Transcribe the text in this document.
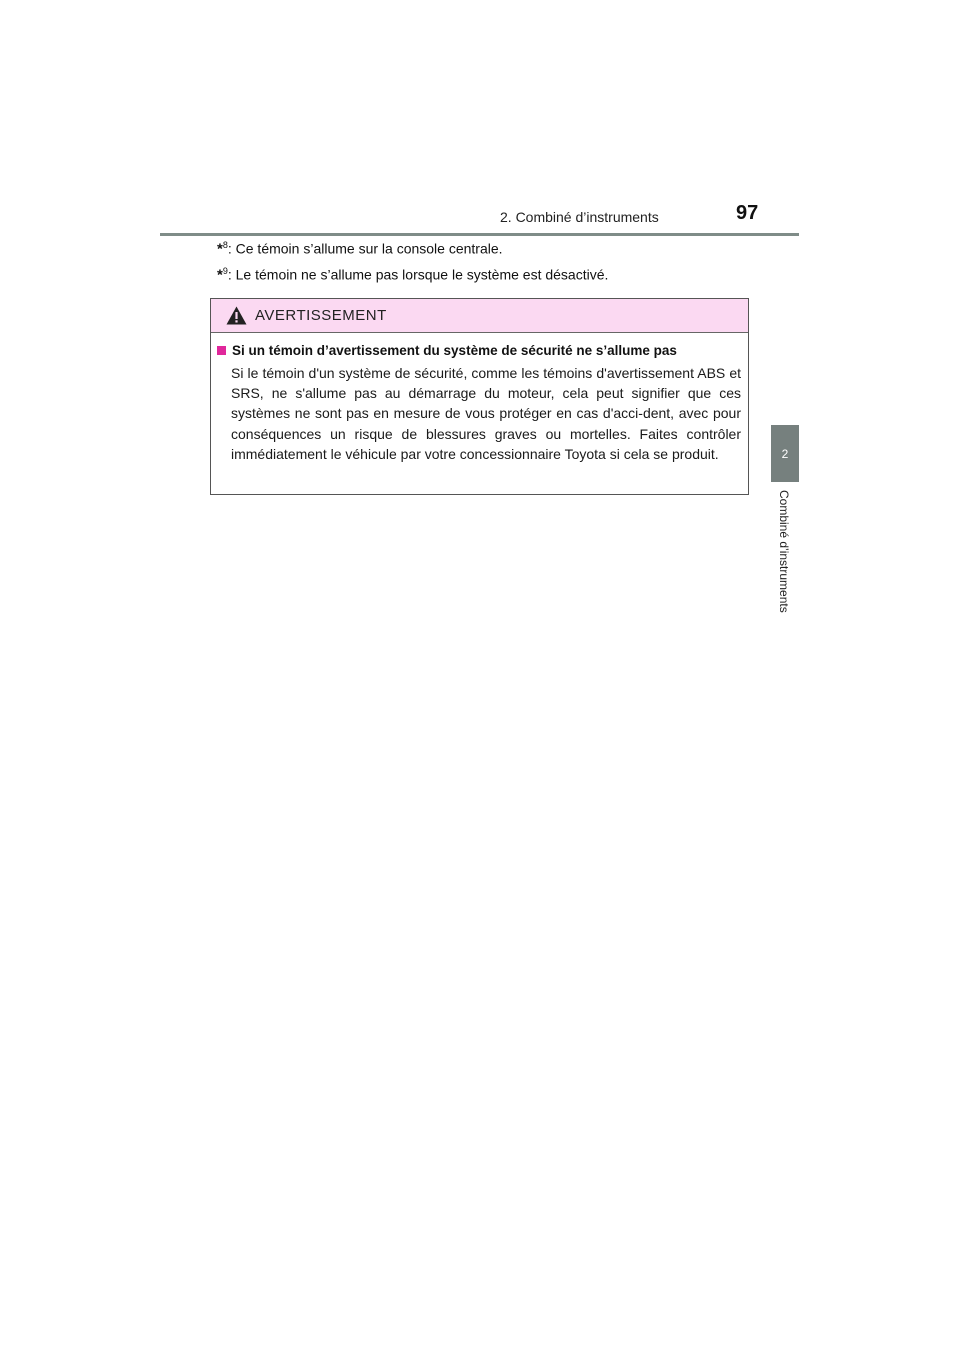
2. Combiné d’instruments	97
2
Combiné d’instruments
*$^8$: Ce témoin s’allume sur la console centrale.
*$^9$: Le témoin ne s’allume pas lorsque le système est désactivé.
AVERTISSEMENT
Si un témoin d’avertissement du système de sécurité ne s’allume pas
Si le témoin d'un système de sécurité, comme les témoins d'avertissement ABS et SRS, ne s'allume pas au démarrage du moteur, cela peut signifier que ces systèmes ne sont pas en mesure de vous protéger en cas d'acci-dent, avec pour conséquences un risque de blessures graves ou mortelles. Faites contrôler immédiatement le véhicule par votre concessionnaire Toyota si cela se produit.
